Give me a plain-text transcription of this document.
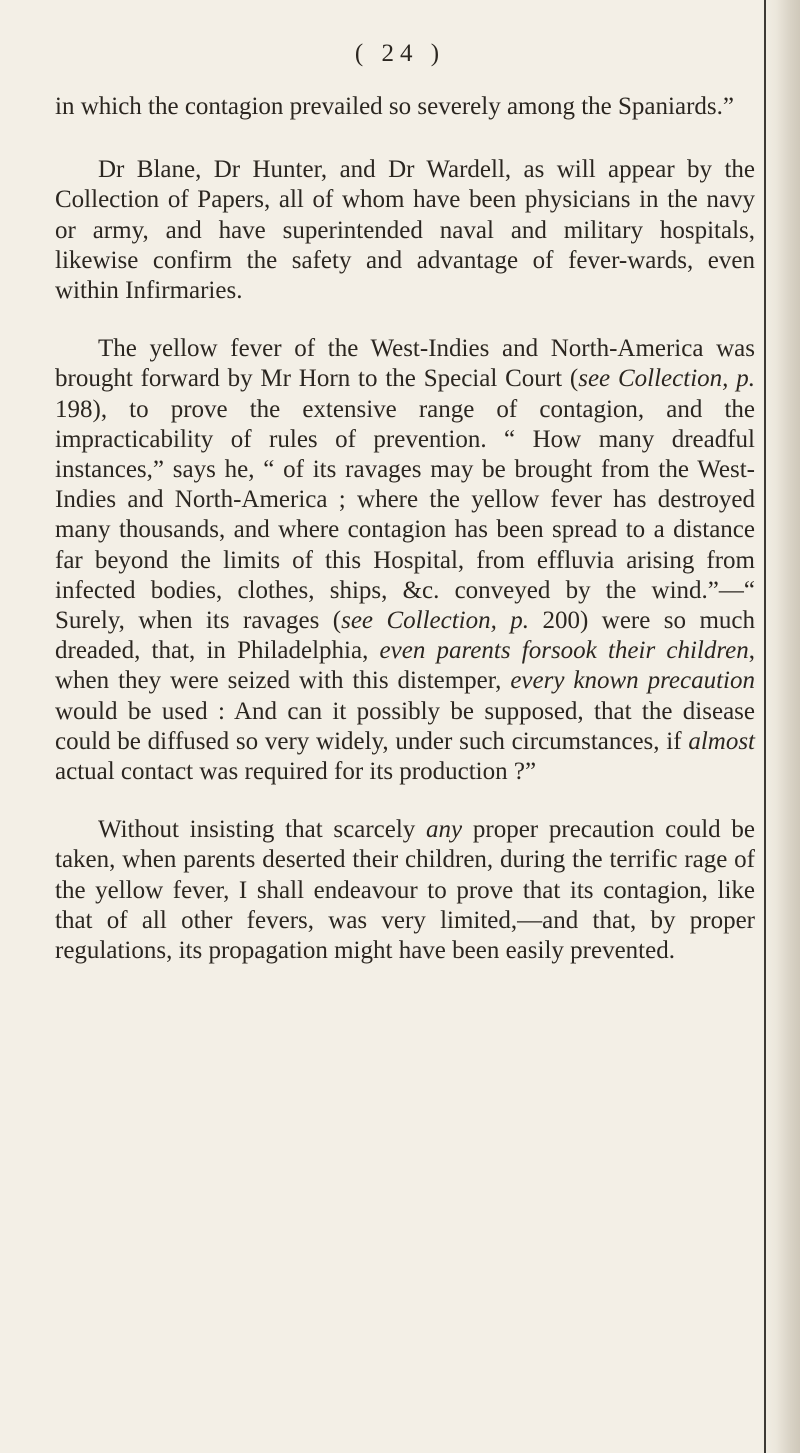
( 24 )

in which the contagion prevailed so severely among the Spaniards.”

Dr Blane, Dr Hunter, and Dr Wardell, as will appear by the Collection of Papers, all of whom have been physicians in the navy or army, and have superintended naval and military hospitals, likewise confirm the safety and advantage of fever-wards, even within Infirmaries.

The yellow fever of the West-Indies and North-America was brought forward by Mr Horn to the Special Court (see Collection, p. 198), to prove the extensive range of contagion, and the impracticability of rules of prevention. “ How many dreadful instances,” says he, “ of its ravages may be brought from the West-Indies and North-America ; where the yellow fever has destroyed many thousands, and where contagion has been spread to a distance far beyond the limits of this Hospital, from effluvia arising from infected bodies, clothes, ships, &c. conveyed by the wind.”—“ Surely, when its ravages (see Collection, p. 200) were so much dreaded, that, in Philadelphia, even parents forsook their children, when they were seized with this distemper, every known precaution would be used : And can it possibly be supposed, that the disease could be diffused so very widely, under such circumstances, if almost actual contact was required for its production ?”

Without insisting that scarcely any proper precaution could be taken, when parents deserted their children, during the terrific rage of the yellow fever, I shall endeavour to prove that its contagion, like that of all other fevers, was very limited,—and that, by proper regulations, its propagation might have been easily prevented.
